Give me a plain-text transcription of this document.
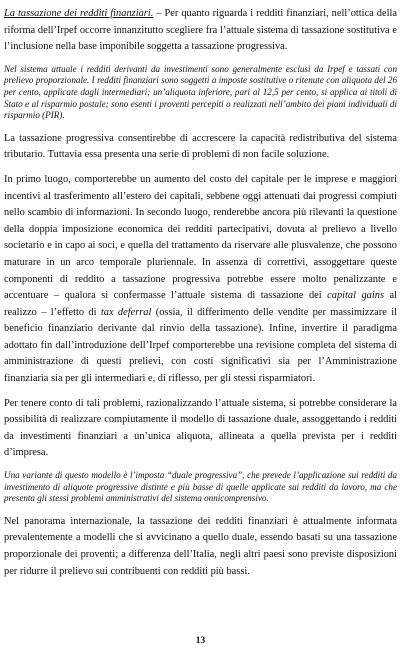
La tassazione dei redditi finanziari. – Per quanto riguarda i redditi finanziari, nell’ottica della riforma dell’Irpef occorre innanzitutto scegliere fra l’attuale sistema di tassazione sostitutiva e l’inclusione nella base imponibile soggetta a tassazione progressiva.

Nel sistema attuale i redditi derivanti da investimenti sono generalmente esclusi da Irpef e tassati con prelievo proporzionale. I redditi finanziari sono soggetti a imposte sostitutive o ritenute con aliquota del 26 per cento, applicate dagli intermediari; un’aliquota inferiore, pari al 12,5 per cento, si applica ai titoli di Stato e al risparmio postale; sono esenti i proventi percepiti o realizzati nell’ambito dei piani individuali di risparmio (PIR).

La tassazione progressiva consentirebbe di accrescere la capacità redistributiva del sistema tributario. Tuttavia essa presenta una serie di problemi di non facile soluzione.

In primo luogo, comporterebbe un aumento del costo del capitale per le imprese e maggiori incentivi al trasferimento all’estero dei capitali, sebbene oggi attenuati dai progressi compiuti nello scambio di informazioni. In secondo luogo, renderebbe ancora più rilevanti la questione della doppia imposizione economica dei redditi partecipativi, dovuta al prelievo a livello societario e in capo ai soci, e quella del trattamento da riservare alle plusvalenze, che possono maturare in un arco temporale pluriennale. In assenza di correttivi, assoggettare queste componenti di reddito a tassazione progressiva potrebbe essere molto penalizzante e accentuare – qualora si confermasse l’attuale sistema di tassazione dei capital gains al realizzo – l’effetto di tax deferral (ossia, il differimento delle vendite per massimizzare il beneficio finanziario derivante dal rinvio della tassazione). Infine, invertire il paradigma adottato fin dall’introduzione dell’Irpef comporterebbe una revisione completa del sistema di amministrazione di questi prelievi, con costi significativi sia per l’Amministrazione finanziaria sia per gli intermediari e, di riflesso, per gli stessi risparmiatori.

Per tenere conto di tali problemi, razionalizzando l’attuale sistema, si potrebbe considerare la possibilità di realizzare compiutamente il modello di tassazione duale, assoggettando i redditi da investimenti finanziari a un’unica aliquota, allineata a quella prevista per i redditi d’impresa.

Una variante di questo modello è l’imposta “duale progressiva”, che prevede l’applicazione sui redditi da investimento di aliquote progressive distinte e più basse di quelle applicate sui redditi da lavoro, ma che presenta gli stessi problemi amministrativi del sistema onnicomprensivo.

Nel panorama internazionale, la tassazione dei redditi finanziari è attualmente informata prevalentemente a modelli che si avvicinano a quello duale, essendo basati su una tassazione proporzionale dei proventi; a differenza dell’Italia, negli altri paesi sono previste disposizioni per ridurre il prelievo sui contribuenti con redditi più bassi.

13
